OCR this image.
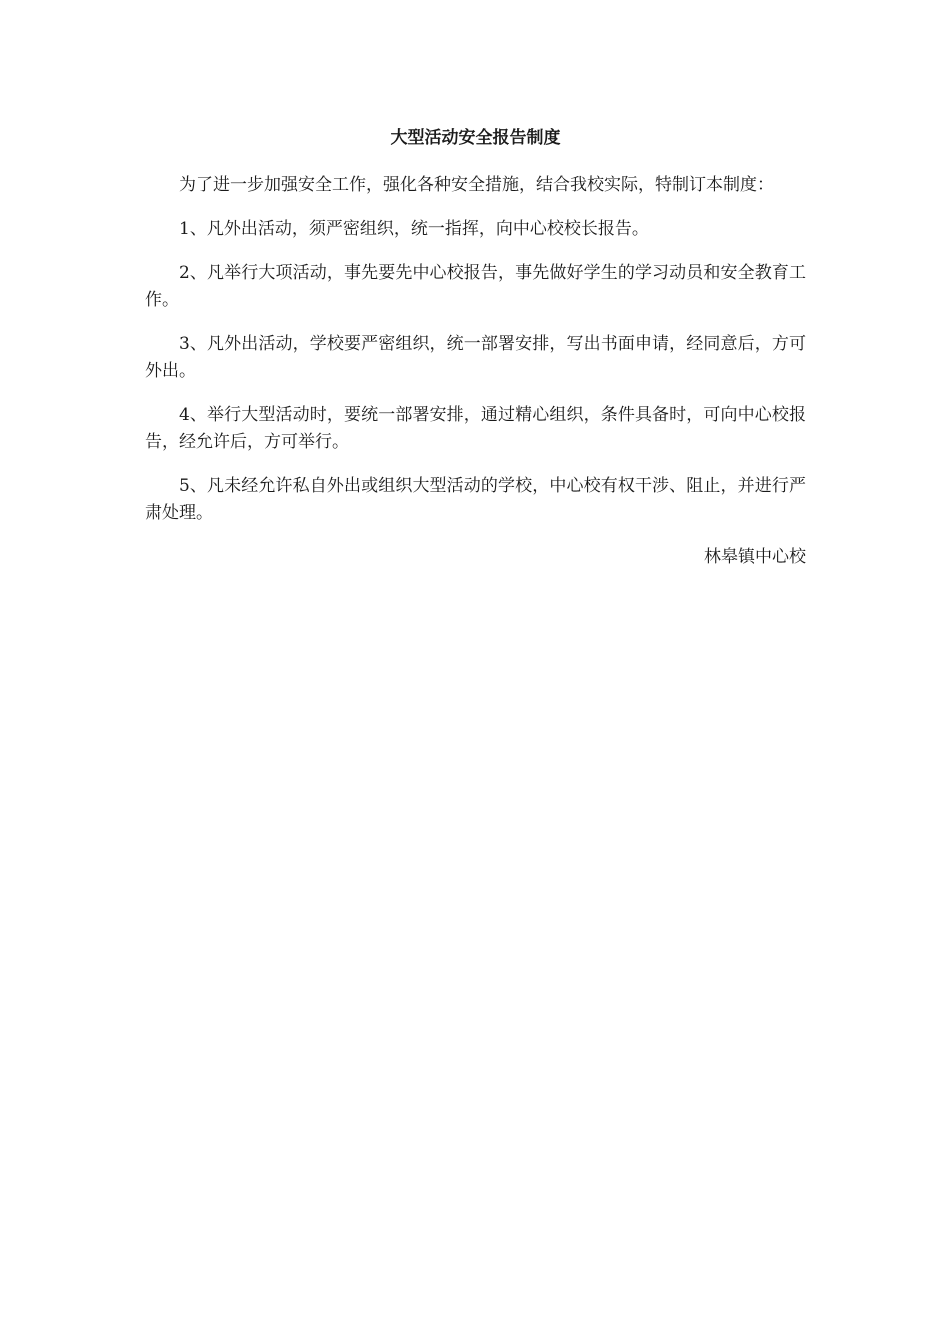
大型活动安全报告制度

为了进一步加强安全工作，强化各种安全措施，结合我校实际，特制订本制度：

1、凡外出活动，须严密组织，统一指挥，向中心校校长报告。

2、凡举行大项活动，事先要先中心校报告，事先做好学生的学习动员和安全教育工作。

3、凡外出活动，学校要严密组织，统一部署安排，写出书面申请，经同意后，方可外出。

4、举行大型活动时，要统一部署安排，通过精心组织，条件具备时，可向中心校报告，经允许后，方可举行。

5、凡未经允许私自外出或组织大型活动的学校，中心校有权干涉、阻止，并进行严肃处理。

林皋镇中心校
